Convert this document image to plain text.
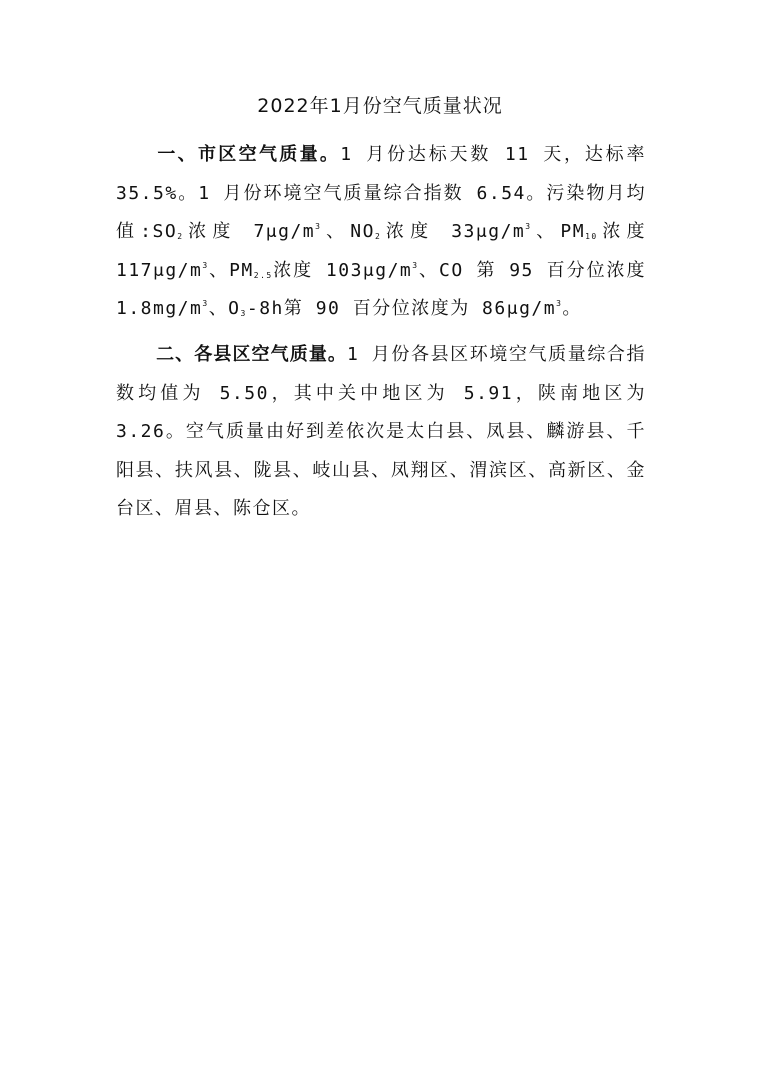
2022年1月份空气质量状况

一、市区空气质量。1 月份达标天数 11 天，达标率35.5%。1 月份环境空气质量综合指数 6.54。污染物月均值$:SO_2$浓度 $7\mu g/m^3$、$NO_2$浓度 $33\mu g/m^3$、$PM_{10}$浓度 $117\mu g/m^3$、$PM_{2.5}$浓度 $103\mu g/m^3$、CO 第 95 百分位浓度 $1.8mg/m^3$、$O_3-8h$第 90 百分位浓度为 $86\mu g/m^3$。

二、各县区空气质量。1 月份各县区环境空气质量综合指数均值为 5.50，其中关中地区为 5.91，陕南地区为 3.26。空气质量由好到差依次是太白县、凤县、麟游县、千阳县、扶风县、陇县、岐山县、凤翔区、渭滨区、高新区、金台区、眉县、陈仓区。
